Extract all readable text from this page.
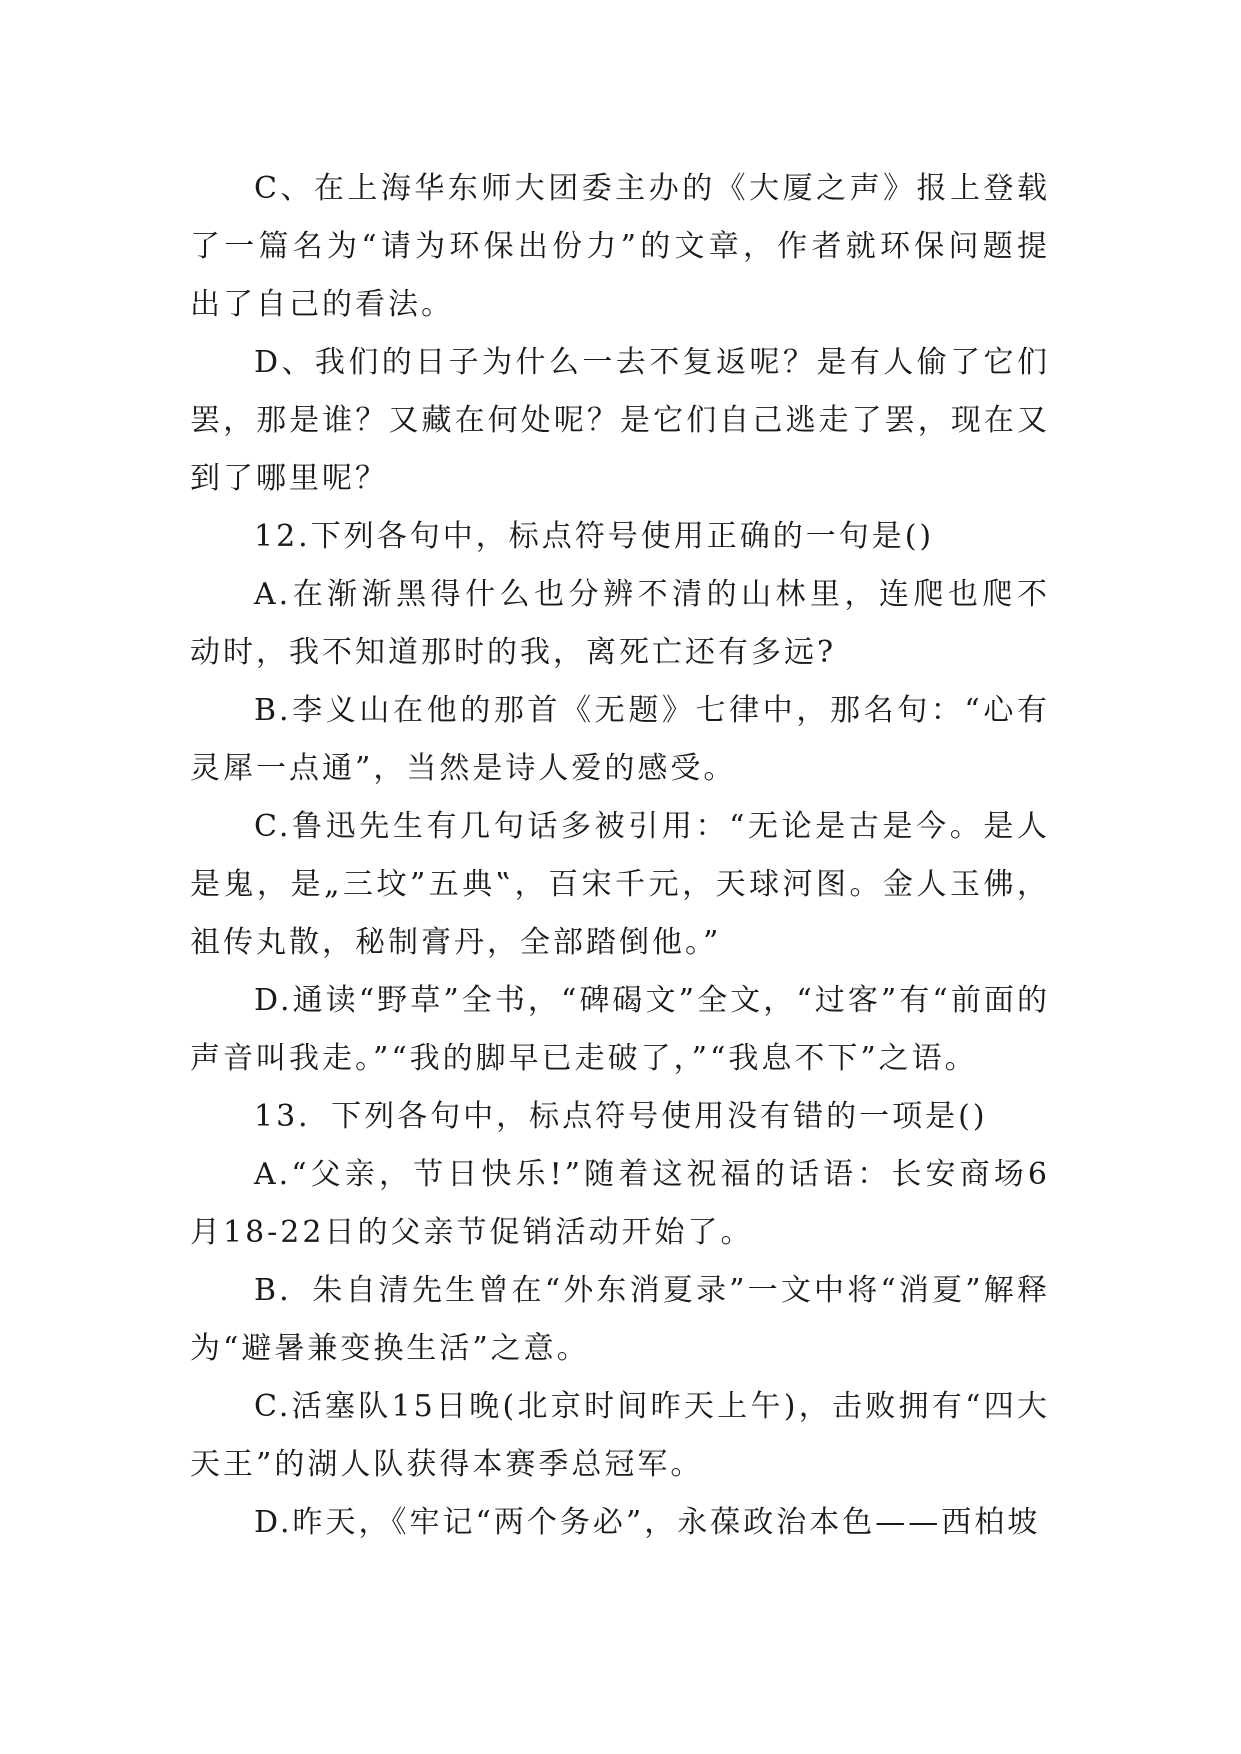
C、在上海华东师大团委主办的《大厦之声》报上登载了一篇名为“请为环保出份力”的文章，作者就环保问题提出了自己的看法。

D、我们的日子为什么一去不复返呢？是有人偷了它们罢，那是谁？又藏在何处呢？是它们自己逃走了罢，现在又到了哪里呢？

12.下列各句中，标点符号使用正确的一句是()

A.在渐渐黑得什么也分辨不清的山林里，连爬也爬不动时，我不知道那时的我，离死亡还有多远?

B.李义山在他的那首《无题》七律中，那名句：“心有灵犀一点通”，当然是诗人爱的感受。

C.鲁迅先生有几句话多被引用：“无论是古是今。是人是鬼，是„三坟”五典‟，百宋千元，天球河图。金人玉佛，祖传丸散，秘制膏丹，全部踏倒他。”

D.通读“野草”全书，“碑碣文”全文，“过客”有“前面的声音叫我走。”“我的脚早已走破了，”“我息不下”之语。

13．下列各句中，标点符号使用没有错的一项是()

A.“父亲，节日快乐!”随着这祝福的话语：长安商场6月18-22日的父亲节促销活动开始了。

B．朱自清先生曾在“外东消夏录”一文中将“消夏”解释为“避暑兼变换生活”之意。

C.活塞队15日晚(北京时间昨天上午)，击败拥有“四大天王”的湖人队获得本赛季总冠军。

D.昨天，《牢记“两个务必”，永葆政治本色——西柏坡
